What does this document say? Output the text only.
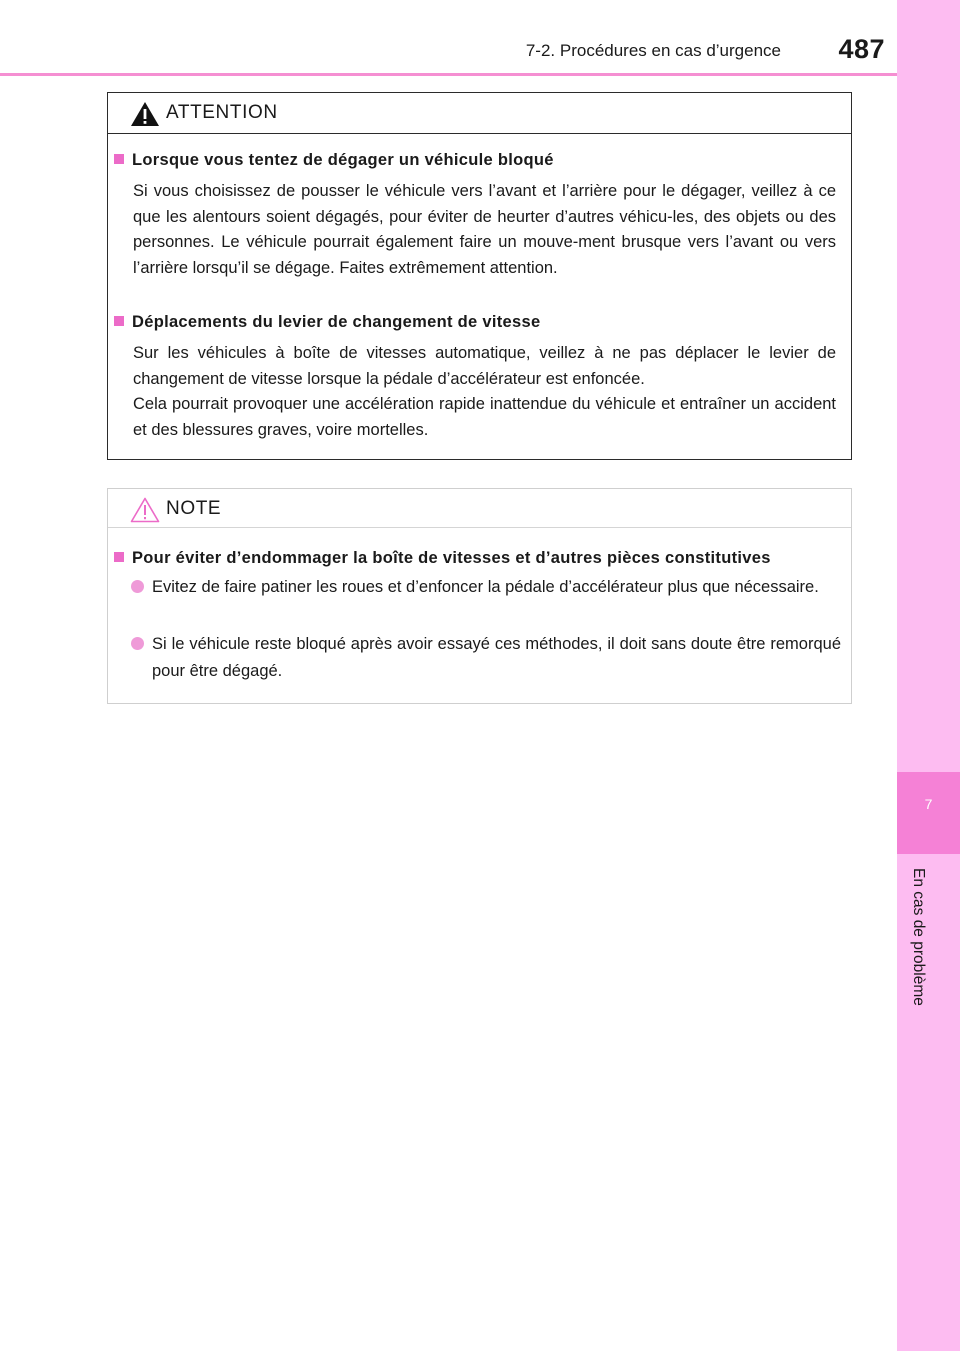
7-2. Procédures en cas d’urgence	487
7
En cas de problème
ATTENTION
Lorsque vous tentez de dégager un véhicule bloqué
Si vous choisissez de pousser le véhicule vers l’avant et l’arrière pour le dégager, veillez à ce que les alentours soient dégagés, pour éviter de heurter d’autres véhicu-les, des objets ou des personnes. Le véhicule pourrait également faire un mouve-ment brusque vers l’avant ou vers l’arrière lorsqu’il se dégage. Faites extrêmement attention.
Déplacements du levier de changement de vitesse
Sur les véhicules à boîte de vitesses automatique, veillez à ne pas déplacer le levier de changement de vitesse lorsque la pédale d’accélérateur est enfoncée.
Cela pourrait provoquer une accélération rapide inattendue du véhicule et entraîner un accident et des blessures graves, voire mortelles.
NOTE
Pour éviter d’endommager la boîte de vitesses et d’autres pièces constitutives
Evitez de faire patiner les roues et d’enfoncer la pédale d’accélérateur plus que nécessaire.
Si le véhicule reste bloqué après avoir essayé ces méthodes, il doit sans doute être remorqué pour être dégagé.
